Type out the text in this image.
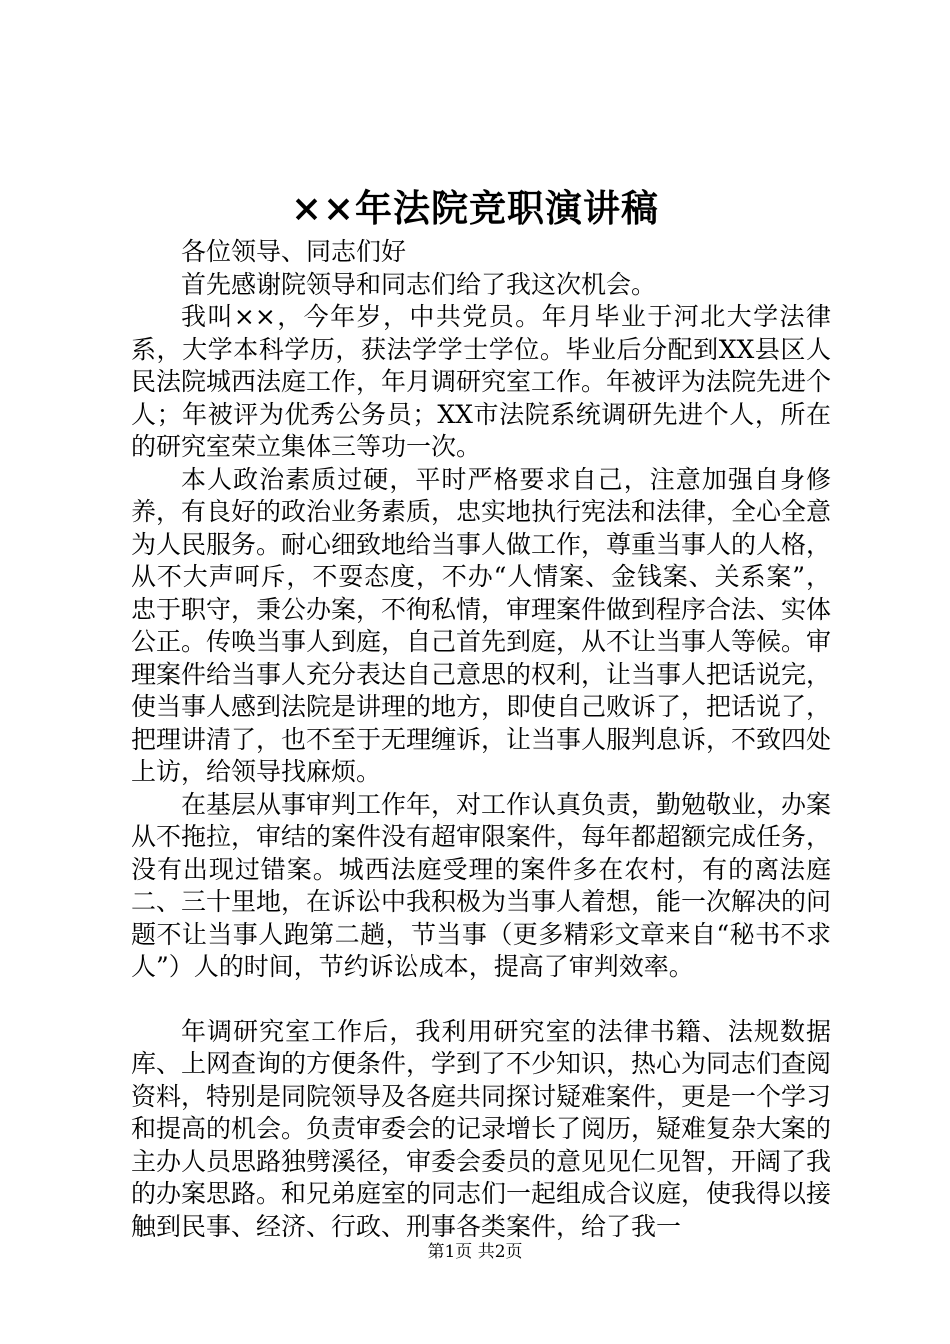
××年法院竞职演讲稿

各位领导、同志们好

首先感谢院领导和同志们给了我这次机会。

我叫××，今年岁，中共党员。年月毕业于河北大学法律系，大学本科学历，获法学学士学位。毕业后分配到XX县区人民法院城西法庭工作，年月调研究室工作。年被评为法院先进个人；年被评为优秀公务员；XX市法院系统调研先进个人，所在的研究室荣立集体三等功一次。

本人政治素质过硬，平时严格要求自己，注意加强自身修养，有良好的政治业务素质，忠实地执行宪法和法律，全心全意为人民服务。耐心细致地给当事人做工作，尊重当事人的人格，从不大声呵斥，不耍态度，不办“人情案、金钱案、关系案”，忠于职守，秉公办案，不徇私情，审理案件做到程序合法、实体公正。传唤当事人到庭，自己首先到庭，从不让当事人等候。审理案件给当事人充分表达自己意思的权利，让当事人把话说完，使当事人感到法院是讲理的地方，即使自己败诉了，把话说了，把理讲清了，也不至于无理缠诉，让当事人服判息诉，不致四处上访，给领导找麻烦。

在基层从事审判工作年，对工作认真负责，勤勉敬业，办案从不拖拉，审结的案件没有超审限案件，每年都超额完成任务，没有出现过错案。城西法庭受理的案件多在农村，有的离法庭二、三十里地，在诉讼中我积极为当事人着想，能一次解决的问题不让当事人跑第二趟，节当事（更多精彩文章来自“秘书不求人”）人的时间，节约诉讼成本，提高了审判效率。

年调研究室工作后，我利用研究室的法律书籍、法规数据库、上网查询的方便条件，学到了不少知识，热心为同志们查阅资料，特别是同院领导及各庭共同探讨疑难案件，更是一个学习和提高的机会。负责审委会的记录增长了阅历，疑难复杂大案的主办人员思路独劈溪径，审委会委员的意见见仁见智，开阔了我的办案思路。和兄弟庭室的同志们一起组成合议庭，使我得以接触到民事、经济、行政、刑事各类案件，给了我一

第1页 共2页
